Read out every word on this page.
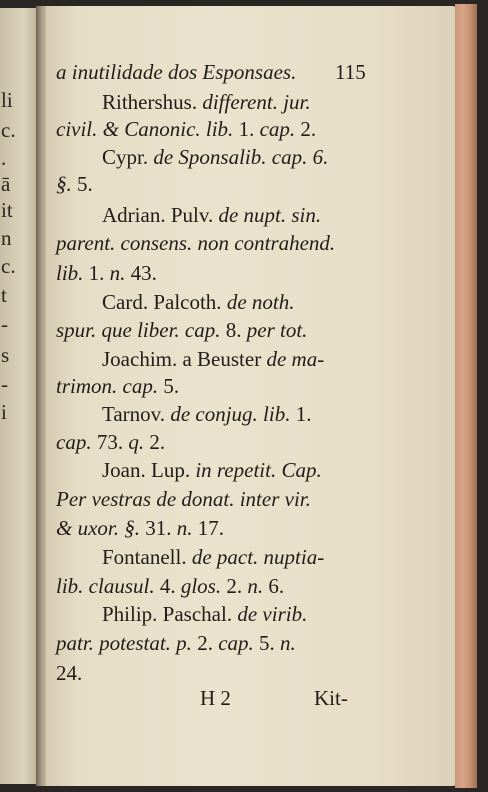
li
c.
.
ā
it
n
c.
t
-
s
-
i
a inutilidade dos Esponsaes. 115
Rithershus. different. jur.
civil. & Canonic. lib. 1. cap. 2.
Cypr. de Sponsalib. cap. 6.
§. 5.
Adrian. Pulv. de nupt. sin.
parent. consens. non contrahend.
lib. 1. n. 43.
Card. Palcoth. de noth.
spur. que liber. cap. 8. per tot.
Joachim. a Beuster de ma-
trimon. cap. 5.
Tarnov. de conjug. lib. 1.
cap. 73. q. 2.
Joan. Lup. in repetit. Cap.
Per vestras de donat. inter vir.
& uxor. §. 31. n. 17.
Fontanell. de pact. nuptia-
lib. clausul. 4. glos. 2. n. 6.
Philip. Paschal. de virib.
patr. potestat. p. 2. cap. 5. n.
24.
H 2	Kit-
